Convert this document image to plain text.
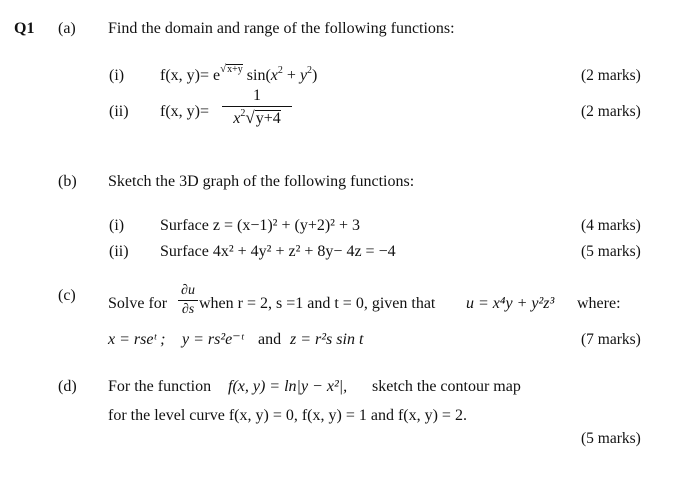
Q1 (a) Find the domain and range of the following functions:
(i) f(x, $y)= e^{√x+y}$ $\sin(x^2 + y^2)$	(2 marks)
(ii) f(x, y)=
1
$x^2√y+4$	(2 marks)
(b) Sketch the 3D graph of the following functions:
(i) Surface z = (x−1)² + (y+2)² + 3	(4 marks)
(ii) Surface 4x² + 4y² + z² + 8y− 4z = −4	(5 marks)
(c) Solve for
∂u
∂s when r = 2, s =1 and t = 0, given that u = x⁴y + y²z³ where:
x = rseᵗ ; y = rs²e⁻ᵗ and z = r²s sin t	(7 marks)
(d) For the function f(x, y) = ln|y − x²|, sketch the contour map
for the level curve f(x, y) = 0, f(x, y) = 1 and f(x, y) = 2.
(5 marks)
